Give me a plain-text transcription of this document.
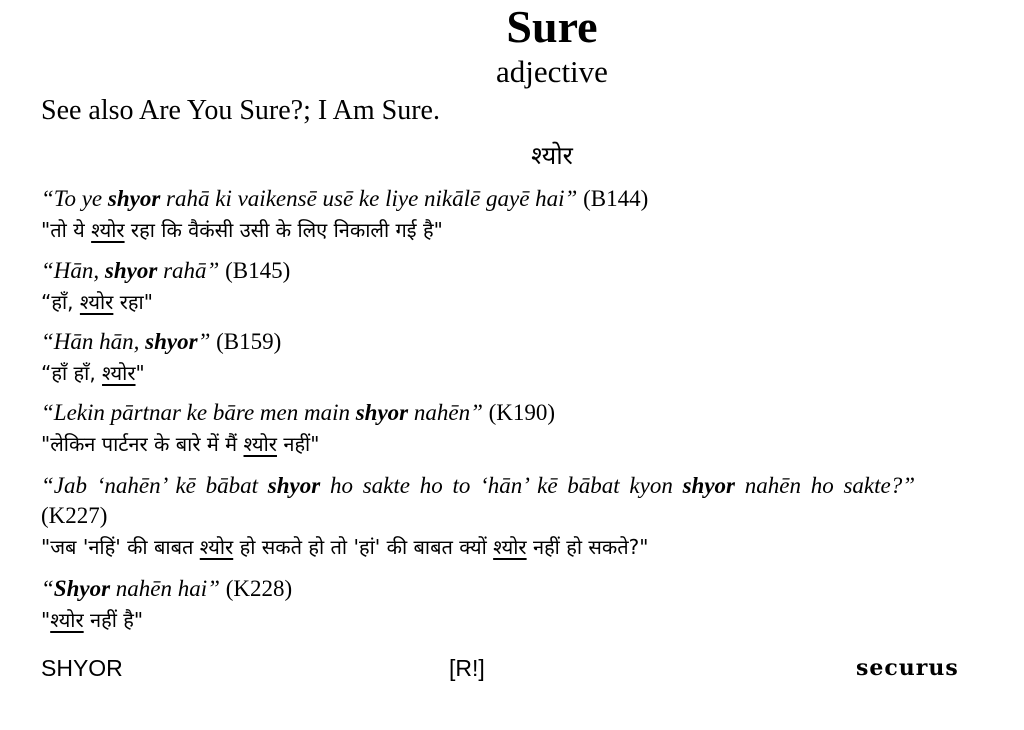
Sure
adjective
See also Are You Sure?; I Am Sure.
श्योर
“To ye shyor rahā ki vaikensē usē ke liye nikālē gayē hai” (B144)
"तो ये श्योर रहा कि वैकंसी उसी के लिए निकाली गई है"
“Hān, shyor rahā” (B145)
“हाँ, श्योर रहा"
“Hān hān, shyor” (B159)
“हाँ हाँ, श्योर"
“Lekin pārtnar ke bāre men main shyor nahēn” (K190)
"लेकिन पार्टनर के बारे में मैं श्योर नहीं"
“Jab ‘nahēn’ kē bābat shyor ho sakte ho to ‘hān’ kē bābat kyon shyor nahēn ho sakte?”
(K227)
"जब 'नहिं' की बाबत श्योर हो सकते हो तो 'हां' की बाबत क्यों श्योर नहीं हो सकते?"
“Shyor nahēn hai” (K228)
"श्योर नहीं है"
SHYOR	[R!]	securus
